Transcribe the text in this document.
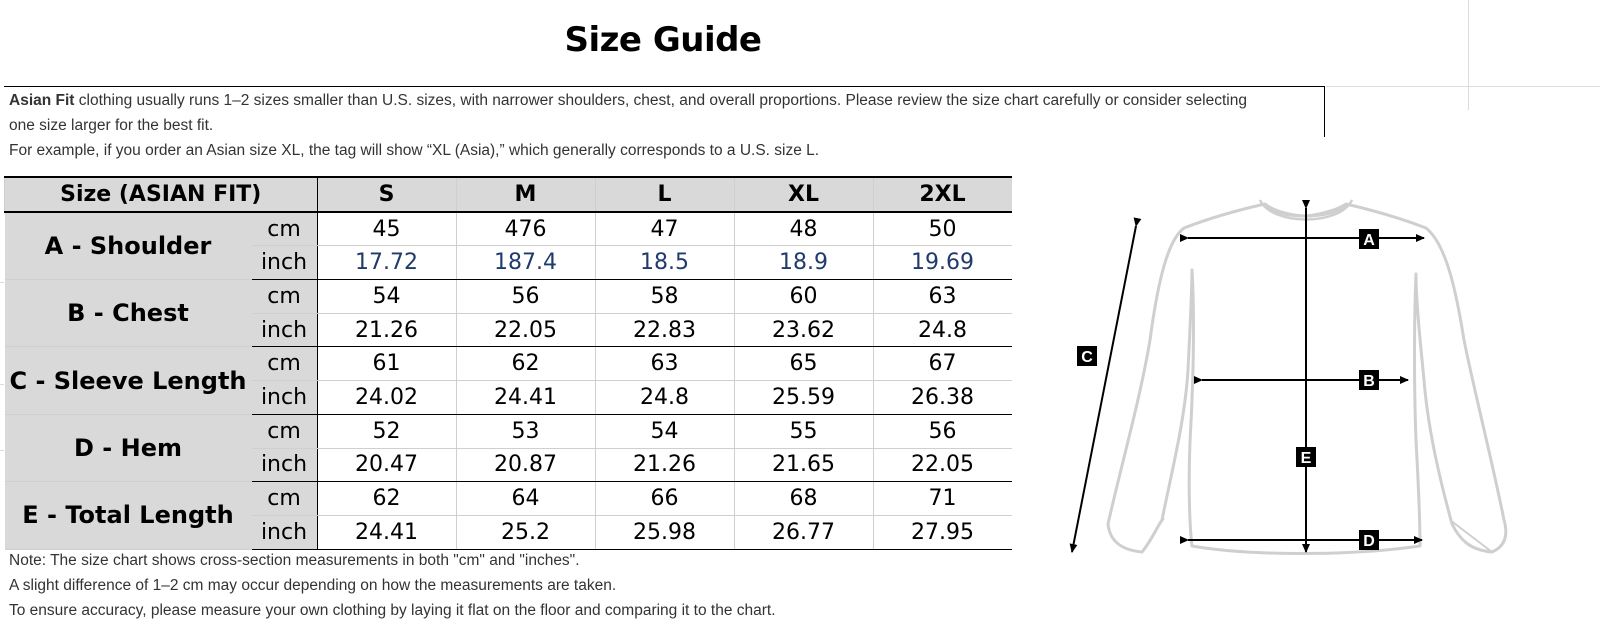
Size Guide
Asian Fit clothing usually runs 1–2 sizes smaller than U.S. sizes, with narrower shoulders, chest, and overall proportions. Please review the size chart carefully or consider selecting
one size larger for the best fit.
For example, if you order an Asian size XL, the tag will show “XL (Asia),” which generally corresponds to a U.S. size L.
Size (ASIAN FIT)		S	M	L	XL	2XL
A - Shoulder	cm	45	476	47	48	50
	inch	17.72	187.4	18.5	18.9	19.69
B - Chest	cm	54	56	58	60	63
	inch	21.26	22.05	22.83	23.62	24.8
C - Sleeve Length	cm	61	62	63	65	67
	inch	24.02	24.41	24.8	25.59	26.38
D - Hem	cm	52	53	54	55	56
	inch	20.47	20.87	21.26	21.65	22.05
E - Total Length	cm	62	64	66	68	71
	inch	24.41	25.2	25.98	26.77	27.95
Note: The size chart shows cross-section measurements in both "cm" and "inches".
A slight difference of 1–2 cm may occur depending on how the measurements are taken.
To ensure accuracy, please measure your own clothing by laying it flat on the floor and comparing it to the chart.
A
B
C
D
E
